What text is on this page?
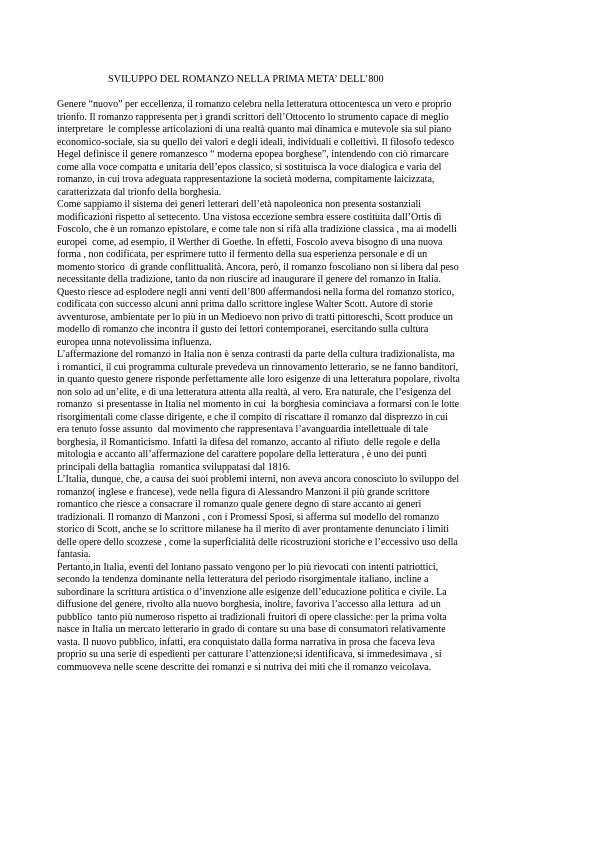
SVILUPPO DEL ROMANZO NELLA PRIMA META’ DELL’800
Genere “nuovo” per eccellenza, il romanzo celebra nella letteratura ottocentesca un vero e proprio
trionfo. Il romanzo rappresenta per i grandi scrittori dell’Ottocento lo strumento capace di meglio
interpretare  le complesse articolazioni di una realtà quanto mai dinamica e mutevole sia sul piano
economico-sociale, sia su quello dei valori e degli ideali, individuali e collettivi. Il filosofo tedesco
Hegel definisce il genere romanzesco “ moderna epopea borghese”, intendendo con ciò rimarcare
come alla voce compatta e unitaria dell’epos classico, si sostituisca la voce dialogica e varia del
romanzo, in cui trova adeguata rappresentazione la società moderna, compitamente laicizzata,
caratterizzata dal trionfo della borghesia.
Come sappiamo il sistema dei generi letterari dell’età napoleonica non presenta sostanziali
modificazioni rispetto al settecento. Una vistosa eccezione sembra essere costituita dall’Ortis di
Foscolo, che è un romanzo epistolare, e come tale non si rifà alla tradizione classica , ma ai modelli
europei  come, ad esempio, il Werther di Goethe. In effetti, Foscolo aveva bisogno di una nuova
forma , non codificata, per esprimere tutto il fermento della sua esperienza personale e di un
momento storico  di grande conflittualità. Ancora, però, il romanzo foscoliano non si libera dal peso
necessitante della tradizione, tanto da non riuscire ad inaugurare il genere del romanzo in Italia.
Questo riesce ad esplodere negli anni venti dell’800 affermandosi nella forma del romanzo storico,
codificata con successo alcuni anni prima dallo scrittore inglese Walter Scott. Autore di storie
avventurose, ambientate per lo più in un Medioevo non privo di tratti pittoreschi, Scott produce un
modello di romanzo che incontra il gusto dei lettori contemporanei, esercitando sulla cultura
europea unna notevolissima influenza.
L’affermazione del romanzo in Italia non è senza contrasti da parte della cultura tradizionalista, ma
i romantici, il cui programma culturale prevedeva un rinnovamento letterario, se ne fanno banditori,
in quanto questo genere risponde perfettamente alle loro esigenze di una letteratura popolare, rivolta
non solo ad un’elite, e di una letteratura attenta alla realtà, al vero. Era naturale, che l’esigenza del
romanzo  si presentasse in Italia nel momento in cui  la borghesia cominciava a formarsi con le lotte
risorgimentali come classe dirigente, e che il compito di riscattare il romanzo dal disprezzo in cui
era tenuto fosse assunto  dal movimento che rappresentava l’avanguardia intellettuale di tale
borghesia, il Romanticismo. Infatti la difesa del romanzo, accanto al rifiuto  delle regole e della
mitologia e accanto all’affermazione del carattere popolare della letteratura , è uno dei punti
principali della battaglia  romantica sviluppatasi dal 1816.
L’Italia, dunque, che, a causa dei suoi problemi interni, non aveva ancora conosciuto lo sviluppo del
romanzo( inglese e francese), vede nella figura di Alessandro Manzoni il più grande scrittore
romantico che riesce a consacrare il romanzo quale genere degno di stare accanto ai generi
tradizionali. Il romanzo di Manzoni , con i Promessi Sposi, si afferma sul modello del romanzo
storico di Scott, anche se lo scrittore milanese ha il merito di aver prontamente denunciato i limiti
delle opere dello scozzese , come la superficialità delle ricostruzioni storiche e l’eccessivo uso della
fantasia.
Pertanto,in Italia, eventi del lontano passato vengono per lo più rievocati con intenti patriottici,
secondo la tendenza dominante nella letteratura del periodo risorgimentale italiano, incline a
subordinare la scrittura artistica o d’invenzione alle esigenze dell’educazione politica e civile. La
diffusione del genere, rivolto alla nuovo borghesia, inoltre, favoriva l’accesso alla lettura  ad un
pubblico  tanto più numeroso rispetto ai tradizionali fruitori di opere classiche: per la prima volta
nasce in Italia un mercato letterario in grado di contare su una base di consumatori relativamente
vasta. Il nuovo pubblico, infatti, era conquistato dalla forma narrativa in prosa che faceva leva
proprio su una serie di espedienti per catturare l’attenzione;si identificava, si immedesimava , si
commuoveva nelle scene descritte dei romanzi e si nutriva dei miti che il romanzo veicolava.
